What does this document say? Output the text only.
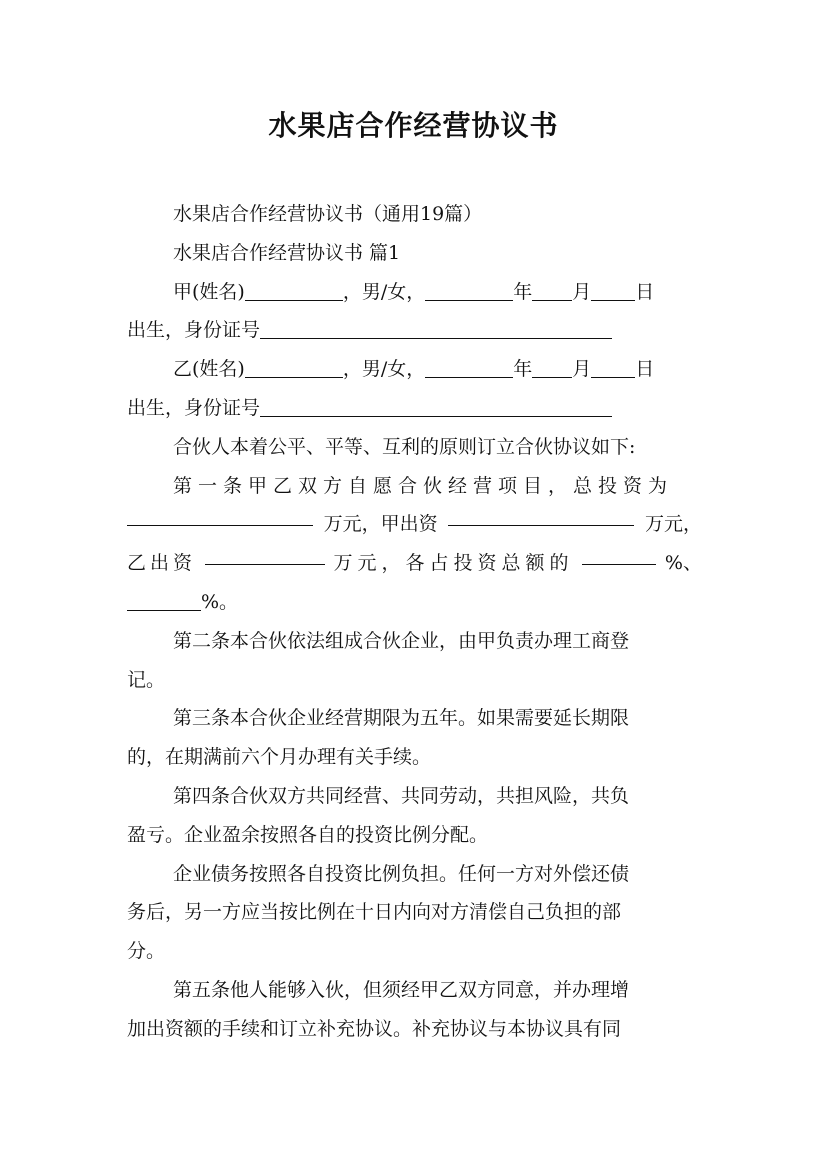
水果店合作经营协议书
水果店合作经营协议书（通用19篇）
水果店合作经营协议书 篇1
甲(姓名)	，男/女，	年 月 日
出生，身份证号
乙(姓名)	，男/女，	年 月 日
出生，身份证号
合伙人本着公平、平等、互利的原则订立合伙协议如下:
第一条甲乙双方自愿合伙经营项目，总投资为
万元，甲出资	万元，
乙出资	万元，各占投资总额的	%、
%。
第二条本合伙依法组成合伙企业，由甲负责办理工商登
记。
第三条本合伙企业经营期限为五年。如果需要延长期限
的，在期满前六个月办理有关手续。
第四条合伙双方共同经营、共同劳动，共担风险，共负
盈亏。企业盈余按照各自的投资比例分配。
企业债务按照各自投资比例负担。任何一方对外偿还债
务后，另一方应当按比例在十日内向对方清偿自己负担的部
分。
第五条他人能够入伙，但须经甲乙双方同意，并办理增
加出资额的手续和订立补充协议。补充协议与本协议具有同
